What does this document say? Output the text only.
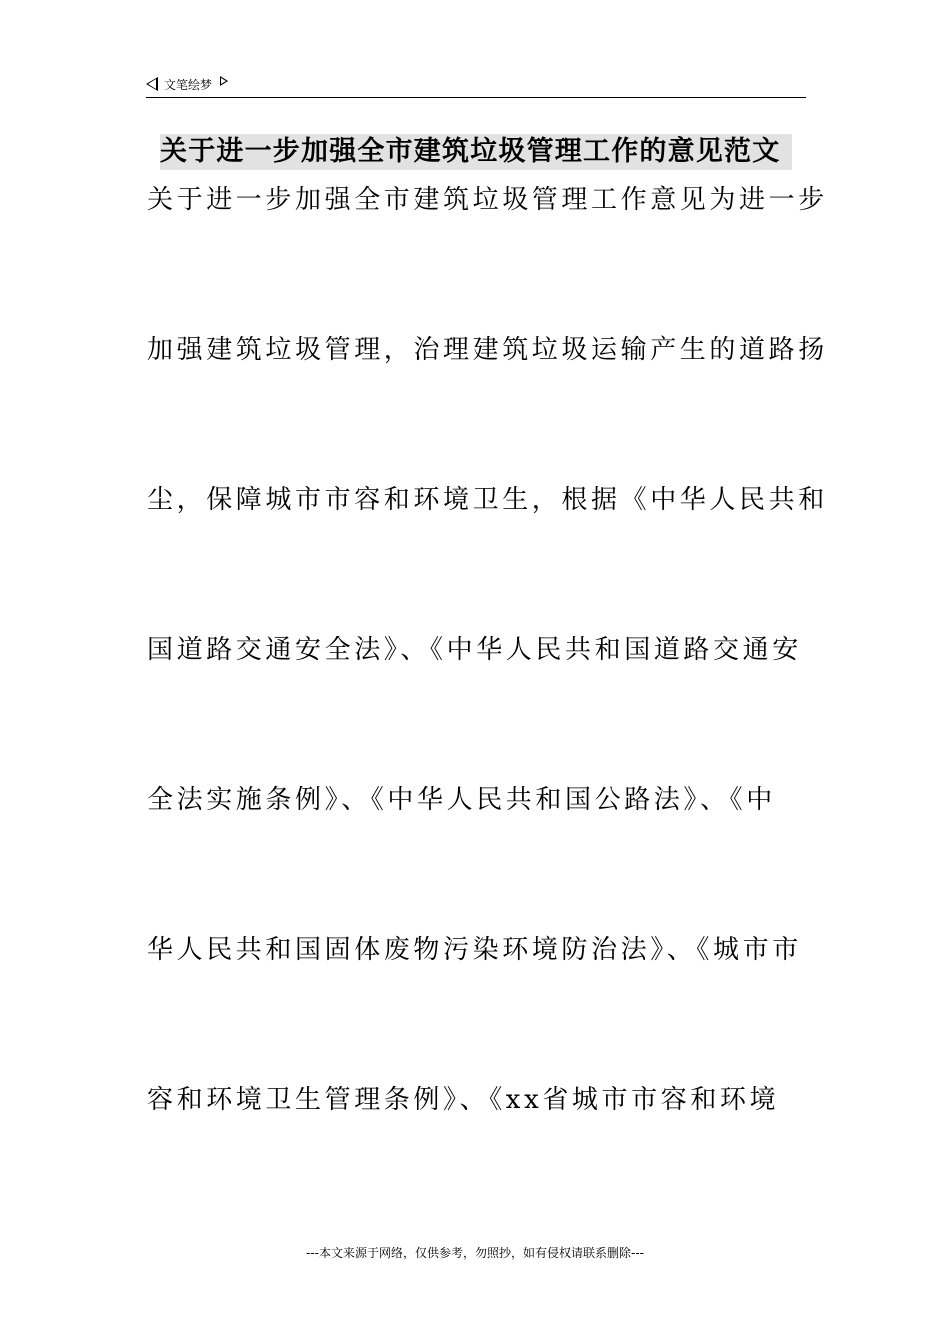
文笔绘梦
关于进一步加强全市建筑垃圾管理工作的意见范文
关于进一步加强全市建筑垃圾管理工作意见为进一步
加强建筑垃圾管理，治理建筑垃圾运输产生的道路扬
尘，保障城市市容和环境卫生，根据《中华人民共和
国道路交通安全法》、《中华人民共和国道路交通安
全法实施条例》、《中华人民共和国公路法》、《中
华人民共和国固体废物污染环境防治法》、《城市市
容和环境卫生管理条例》、《xx省城市市容和环境
---本文来源于网络，仅供参考，勿照抄，如有侵权请联系删除---
